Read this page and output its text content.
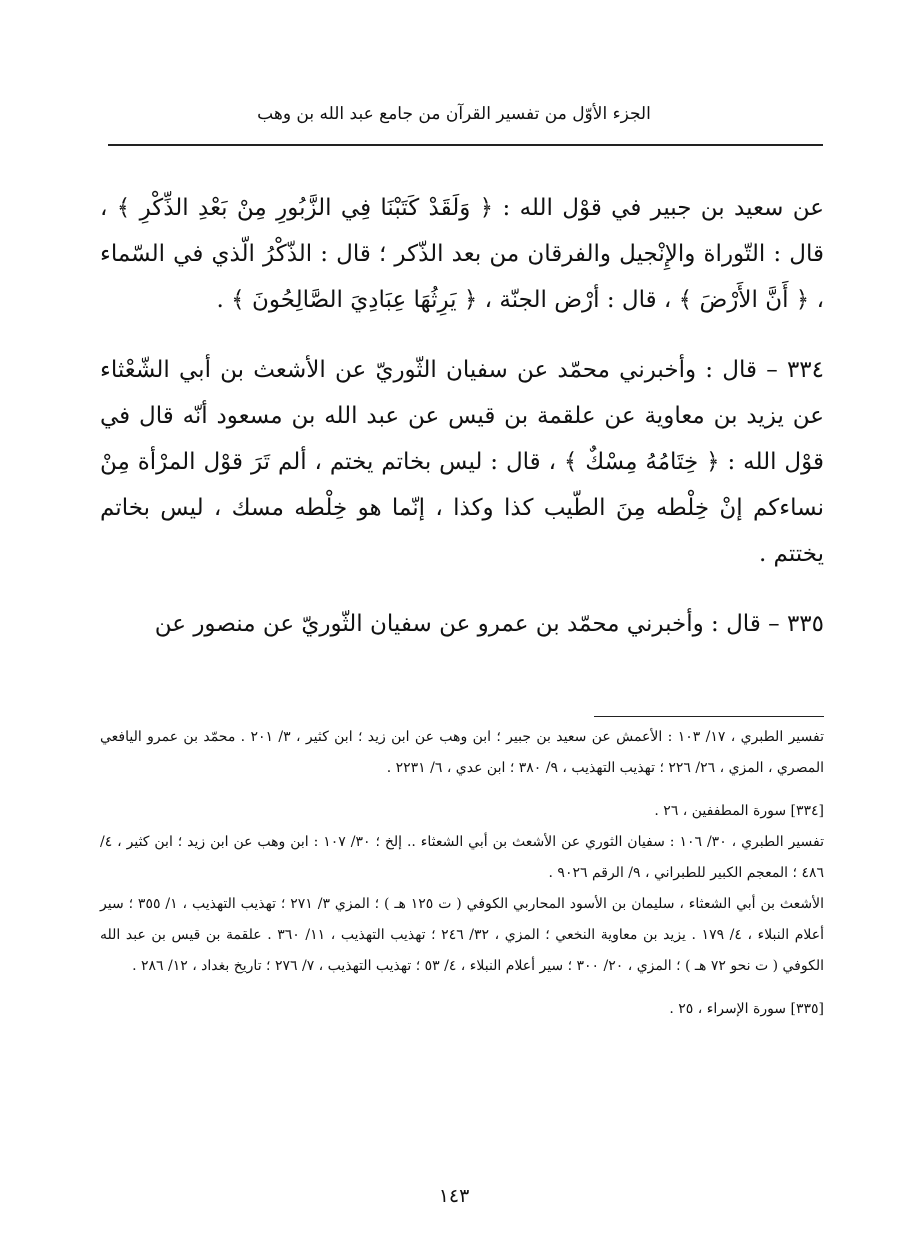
الجزء الأوّل من تفسير القرآن من جامع عبد الله بن وهب

عن سعيد بن جبير في قوْل الله : ﴿ وَلَقَدْ كَتَبْنَا فِي الزَّبُورِ مِنْ بَعْدِ الذِّكْرِ ﴾ ، قال : التّوراة والإِنْجيل والفرقان من بعد الذّكر ؛ قال : الذّكْرُ الّذي في السّماء ، ﴿ أَنَّ الأَرْضَ ﴾ ، قال : أرْض الجنّة ، ﴿ يَرِثُهَا عِبَادِيَ الصَّالِحُونَ ﴾ .

٣٣٤ – قال : وأخبرني محمّد عن سفيان الثّوريّ عن الأشعث بن أبي الشّعْثاء عن يزيد بن معاوية عن علقمة بن قيس عن عبد الله بن مسعود أنّه قال في قوْل الله : ﴿ خِتَامُهُ مِسْكٌ ﴾ ، قال : ليس بخاتم يختم ، ألم تَرَ قوْل المرْأة مِنْ نساءكم إنْ خِلْطه مِنَ الطّيب كذا وكذا ، إنّما هو خِلْطه مسك ، ليس بخاتم يختتم .

٣٣٥ – قال : وأخبرني محمّد بن عمرو عن سفيان الثّوريّ عن منصور عن

تفسير الطبري ، ١٧/ ١٠٣ : الأعمش عن سعيد بن جبير ؛ ابن وهب عن ابن زيد ؛ ابن كثير ، ٣/ ٢٠١ . محمّد بن عمرو اليافعي المصري ، المزي ، ٢٦/ ٢٢٦ ؛ تهذيب التهذيب ، ٩/ ٣٨٠ ؛ ابن عدي ، ٦/ ٢٢٣١ .

[٣٣٤] سورة المطففين ، ٢٦ .

تفسير الطبري ، ٣٠/ ١٠٦ : سفيان الثوري عن الأشعث بن أبي الشعثاء .. إلخ ؛ ٣٠/ ١٠٧ : ابن وهب عن ابن زيد ؛ ابن كثير ، ٤/ ٤٨٦ ؛ المعجم الكبير للطبراني ، ٩/ الرقم ٩٠٢٦ .

الأشعث بن أبي الشعثاء ، سليمان بن الأسود المحاربي الكوفي ( ت ١٢٥ هـ ) ؛ المزي ٣/ ٢٧١ ؛ تهذيب التهذيب ، ١/ ٣٥٥ ؛ سير أعلام النبلاء ، ٤/ ١٧٩ . يزيد بن معاوية النخعي ؛ المزي ، ٣٢/ ٢٤٦ ؛ تهذيب التهذيب ، ١١/ ٣٦٠ . علقمة بن قيس بن عبد الله الكوفي ( ت نحو ٧٢ هـ ) ؛ المزي ، ٢٠/ ٣٠٠ ؛ سير أعلام النبلاء ، ٤/ ٥٣ ؛ تهذيب التهذيب ، ٧/ ٢٧٦ ؛ تاريخ بغداد ، ١٢/ ٢٨٦ .

[٣٣٥] سورة الإسراء ، ٢٥ .

١٤٣
